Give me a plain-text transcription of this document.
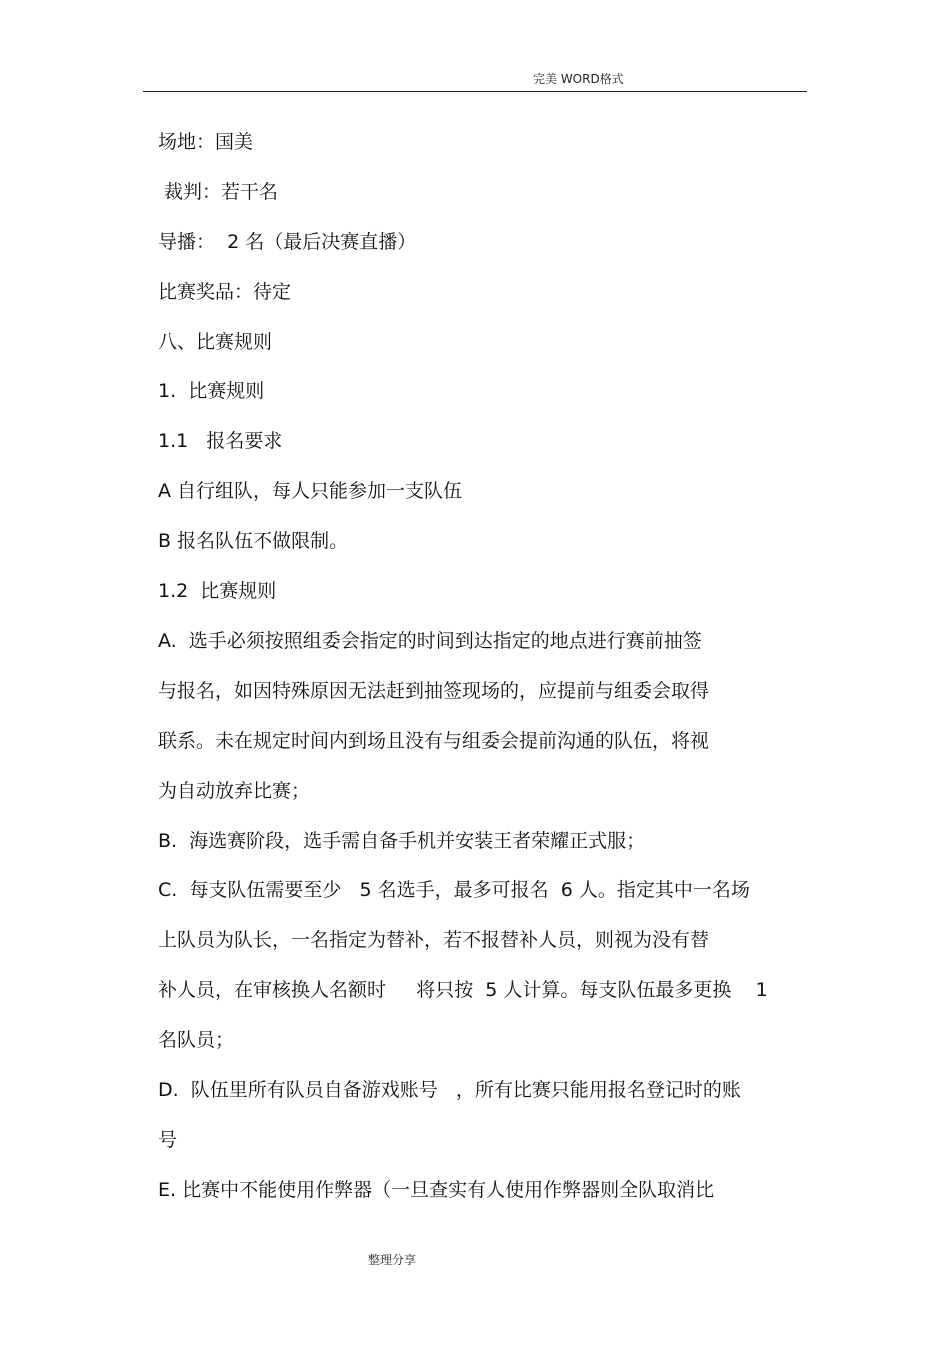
完美 WORD格式
场地：国美
裁判：若干名
导播：  2 名（最后决赛直播）
比赛奖品：待定
八、比赛规则
1.  比赛规则
1.1   报名要求
A 自行组队，每人只能参加一支队伍
B 报名队伍不做限制。
1.2  比赛规则
A.  选手必须按照组委会指定的时间到达指定的地点进行赛前抽签
与报名，如因特殊原因无法赶到抽签现场的，应提前与组委会取得
联系。未在规定时间内到场且没有与组委会提前沟通的队伍，将视
为自动放弃比赛；
B.  海选赛阶段，选手需自备手机并安装王者荣耀正式服；
C.  每支队伍需要至少   5 名选手，最多可报名  6 人。指定其中一名场
上队员为队长，一名指定为替补，若不报替补人员，则视为没有替
补人员，在审核换人名额时     将只按  5 人计算。每支队伍最多更换    1
名队员；
D.  队伍里所有队员自备游戏账号   ，所有比赛只能用报名登记时的账
号
E. 比赛中不能使用作弊器（一旦查实有人使用作弊器则全队取消比
整理分享
